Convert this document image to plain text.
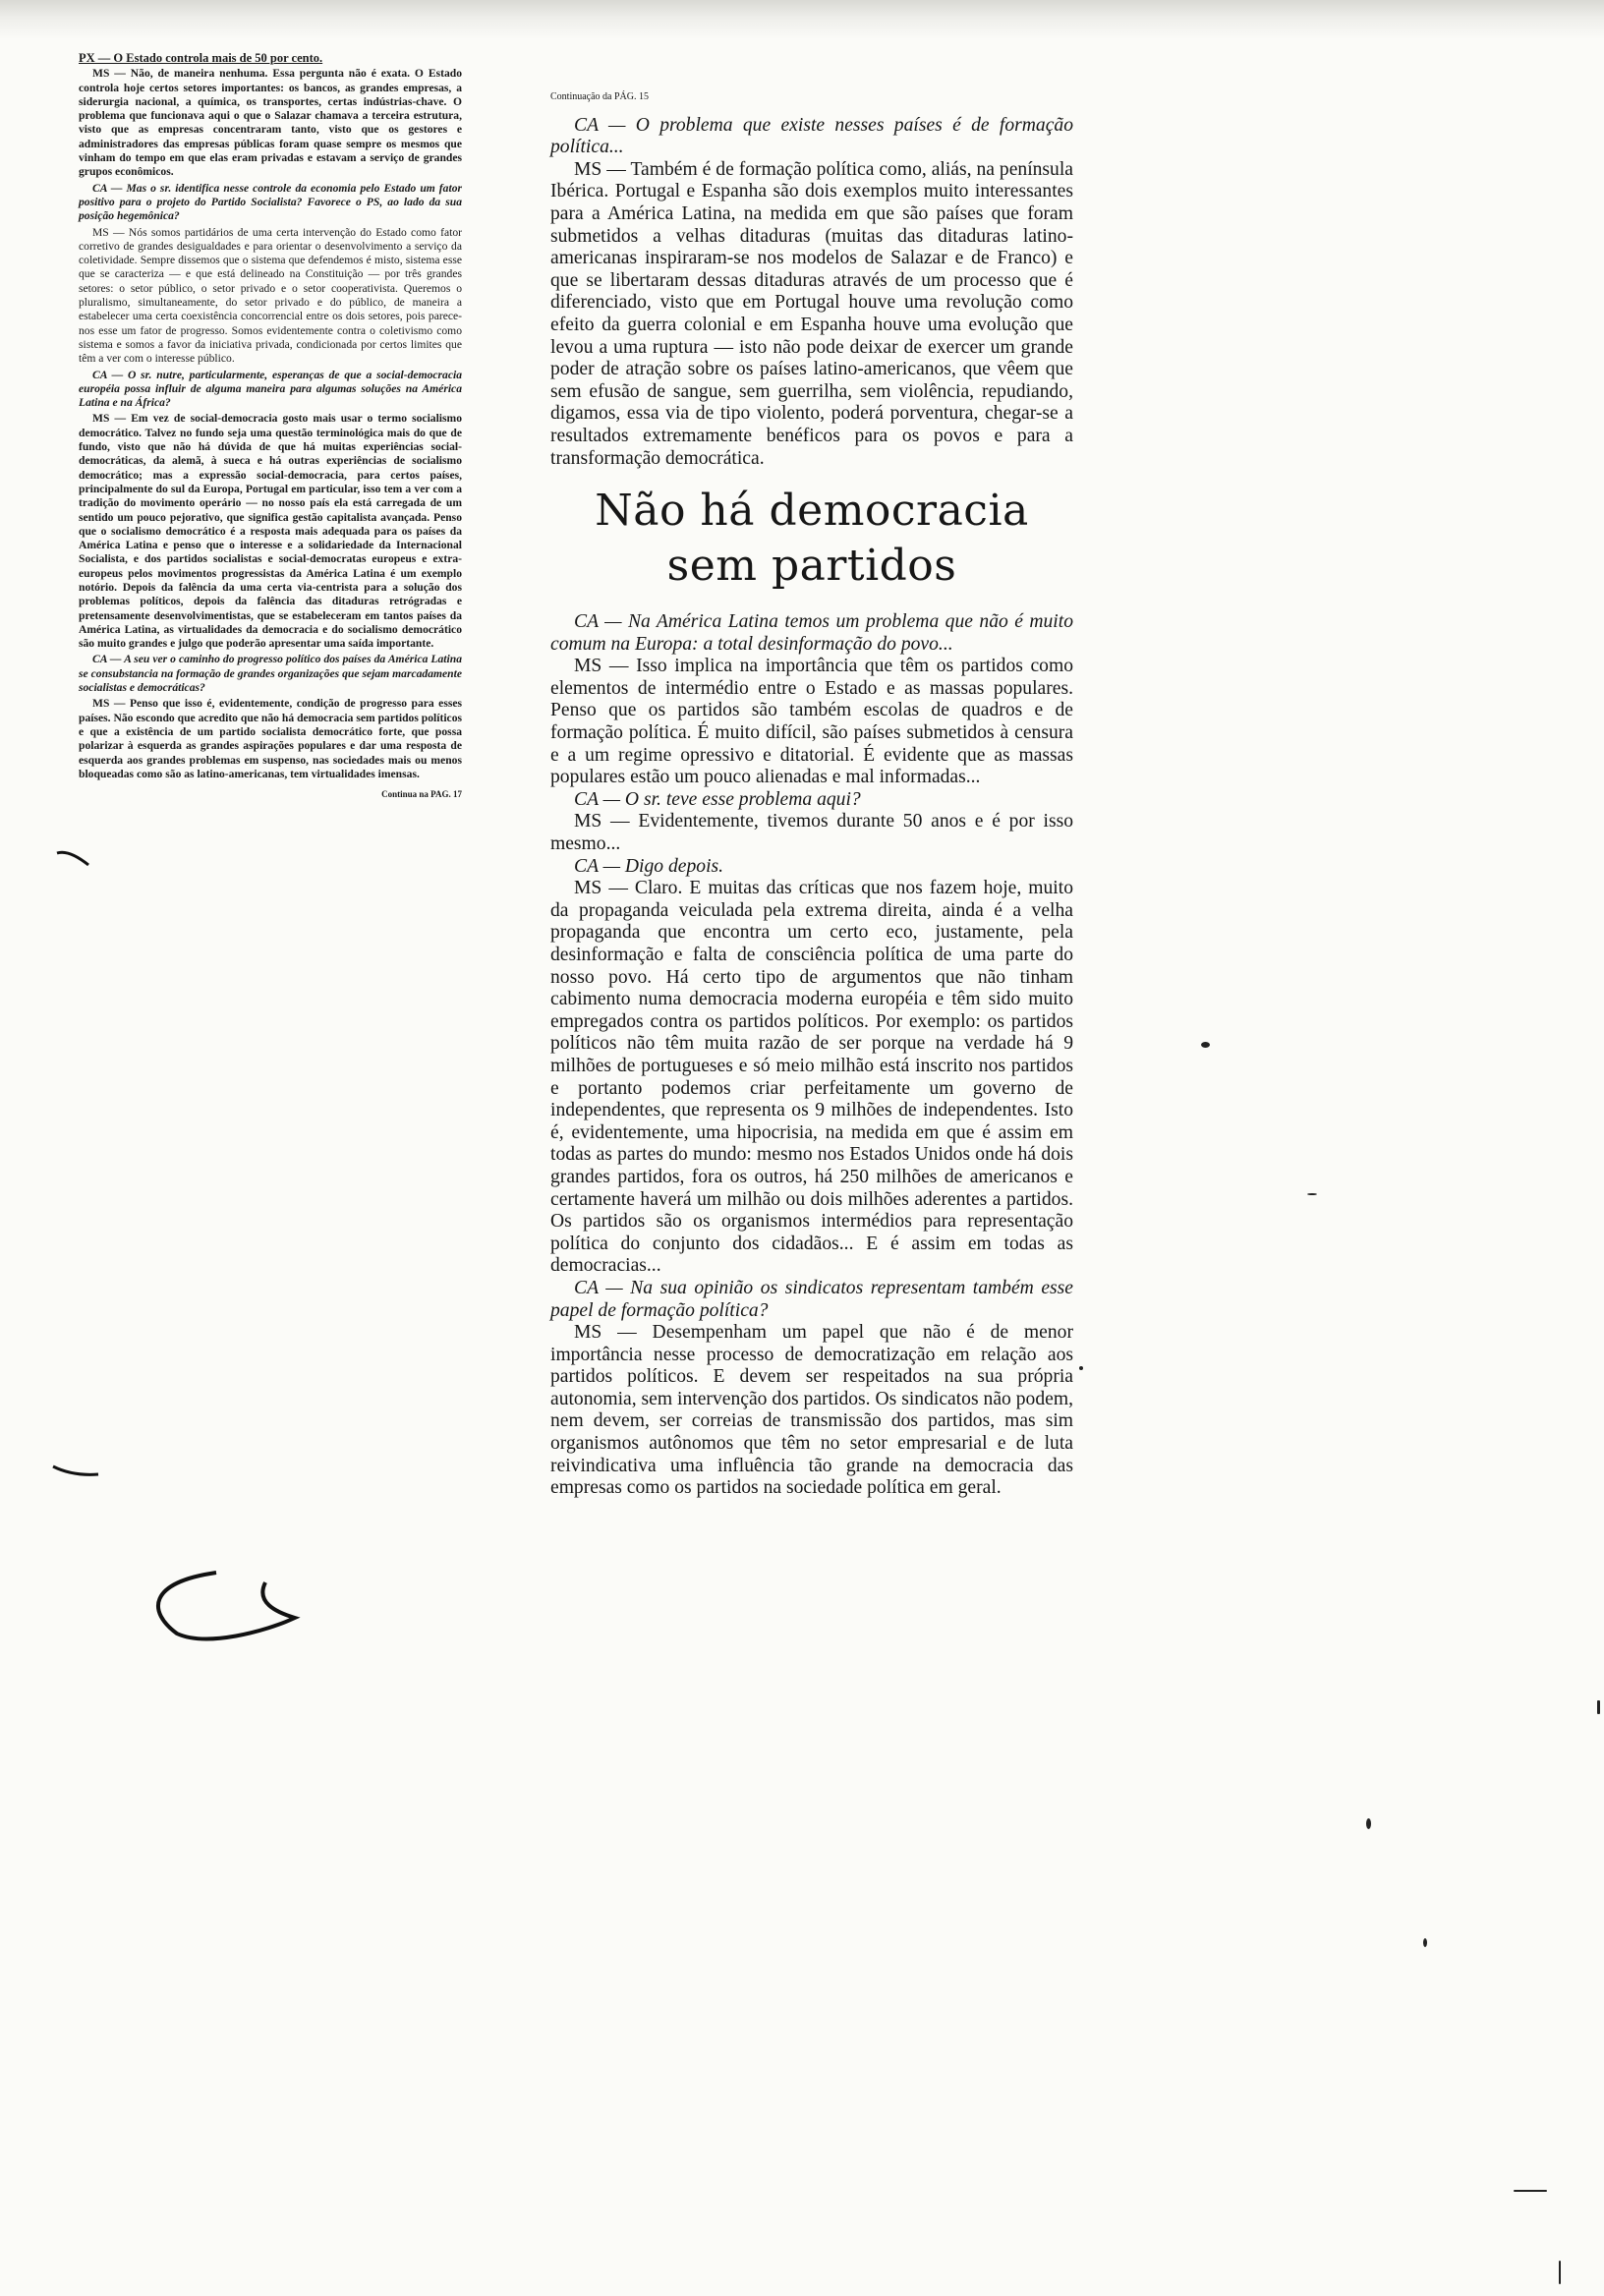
PX — O Estado controla mais de 50 por cento.

MS — Não, de maneira nenhuma. Essa pergunta não é exata. O Estado controla hoje certos setores importantes: os bancos, as grandes empresas, a siderurgia nacional, a química, os transportes, certas indústrias-chave. O problema que funcionava aqui o que o Salazar chamava a terceira estrutura, visto que as empresas concentraram tanto, visto que os gestores e administradores das empresas públicas foram quase sempre os mesmos que vinham do tempo em que elas eram privadas e estavam a serviço de grandes grupos econômicos.

CA — Mas o sr. identifica nesse controle da economia pelo Estado um fator positivo para o projeto do Partido Socialista? Favorece o PS, ao lado da sua posição hegemônica?

MS — Nós somos partidários de uma certa intervenção do Estado como fator corretivo de grandes desigualdades e para orientar o desenvolvimento a serviço da coletividade. Sempre dissemos que o sistema que defendemos é misto, sistema esse que se caracteriza — e que está delineado na Constituição — por três grandes setores: o setor público, o setor privado e o setor cooperativista. Queremos o pluralismo, simultaneamente, do setor privado e do público, de maneira a estabelecer uma certa coexistência concorrencial entre os dois setores, pois parece-nos esse um fator de progresso. Somos evidentemente contra o coletivismo como sistema e somos a favor da iniciativa privada, condicionada por certos limites que têm a ver com o interesse público.

CA — O sr. nutre, particularmente, esperanças de que a social-democracia européia possa influir de alguma maneira para algumas soluções na América Latina e na África?

MS — Em vez de social-democracia gosto mais usar o termo socialismo democrático. Talvez no fundo seja uma questão terminológica mais do que de fundo, visto que não há dúvida de que há muitas experiências social-democráticas, da alemã, à sueca e há outras experiências de socialismo democrático; mas a expressão social-democracia, para certos países, principalmente do sul da Europa, Portugal em particular, isso tem a ver com a tradição do movimento operário — no nosso país ela está carregada de um sentido um pouco pejorativo, que significa gestão capitalista avançada. Penso que o socialismo democrático é a resposta mais adequada para os países da América Latina e penso que o interesse e a solidariedade da Internacional Socialista, e dos partidos socialistas e social-democratas europeus e extra-europeus pelos movimentos progressistas da América Latina é um exemplo notório. Depois da falência da uma certa via-centrista para a solução dos problemas políticos, depois da falência das ditaduras retrógradas e pretensamente desenvolvimentistas, que se estabeleceram em tantos países da América Latina, as virtualidades da democracia e do socialismo democrático são muito grandes e julgo que poderão apresentar uma saída importante.

CA — A seu ver o caminho do progresso político dos países da América Latina se consubstancia na formação de grandes organizações que sejam marcadamente socialistas e democráticas?

MS — Penso que isso é, evidentemente, condição de progresso para esses países. Não escondo que acredito que não há democracia sem partidos políticos e que a existência de um partido socialista democrático forte, que possa polarizar à esquerda as grandes aspirações populares e dar uma resposta de esquerda aos grandes problemas em suspenso, nas sociedades mais ou menos bloqueadas como são as latino-americanas, tem virtualidades imensas.

Continua na PAG. 17

Continuação da PÁG. 15

CA — O problema que existe nesses países é de formação política...

MS — Também é de formação política como, aliás, na península Ibérica. Portugal e Espanha são dois exemplos muito interessantes para a América Latina, na medida em que são países que foram submetidos a velhas ditaduras (muitas das ditaduras latino-americanas inspiraram-se nos modelos de Salazar e de Franco) e que se libertaram dessas ditaduras através de um processo que é diferenciado, visto que em Portugal houve uma revolução como efeito da guerra colonial e em Espanha houve uma evolução que levou a uma ruptura — isto não pode deixar de exercer um grande poder de atração sobre os países latino-americanos, que vêem que sem efusão de sangue, sem guerrilha, sem violência, repudiando, digamos, essa via de tipo violento, poderá porventura, chegar-se a resultados extremamente benéficos para os povos e para a transformação democrática.

Não há democracia
sem partidos

CA — Na América Latina temos um problema que não é muito comum na Europa: a total desinformação do povo...

MS — Isso implica na importância que têm os partidos como elementos de intermédio entre o Estado e as massas populares. Penso que os partidos são também escolas de quadros e de formação política. É muito difícil, são países submetidos à censura e a um regime opressivo e ditatorial. É evidente que as massas populares estão um pouco alienadas e mal informadas...

CA — O sr. teve esse problema aqui?

MS — Evidentemente, tivemos durante 50 anos e é por isso mesmo...

CA — Digo depois.

MS — Claro. E muitas das críticas que nos fazem hoje, muito da propaganda veiculada pela extrema direita, ainda é a velha propaganda que encontra um certo eco, justamente, pela desinformação e falta de consciência política de uma parte do nosso povo. Há certo tipo de argumentos que não tinham cabimento numa democracia moderna européia e têm sido muito empregados contra os partidos políticos. Por exemplo: os partidos políticos não têm muita razão de ser porque na verdade há 9 milhões de portugueses e só meio milhão está inscrito nos partidos e portanto podemos criar perfeitamente um governo de independentes, que representa os 9 milhões de independentes. Isto é, evidentemente, uma hipocrisia, na medida em que é assim em todas as partes do mundo: mesmo nos Estados Unidos onde há dois grandes partidos, fora os outros, há 250 milhões de americanos e certamente haverá um milhão ou dois milhões aderentes a partidos. Os partidos são os organismos intermédios para representação política do conjunto dos cidadãos... E é assim em todas as democracias...

CA — Na sua opinião os sindicatos representam também esse papel de formação política?

MS — Desempenham um papel que não é de menor importância nesse processo de democratização em relação aos partidos políticos. E devem ser respeitados na sua própria autonomia, sem intervenção dos partidos. Os sindicatos não podem, nem devem, ser correias de transmissão dos partidos, mas sim organismos autônomos que têm no setor empresarial e de luta reivindicativa uma influência tão grande na democracia das empresas como os partidos na sociedade política em geral.
